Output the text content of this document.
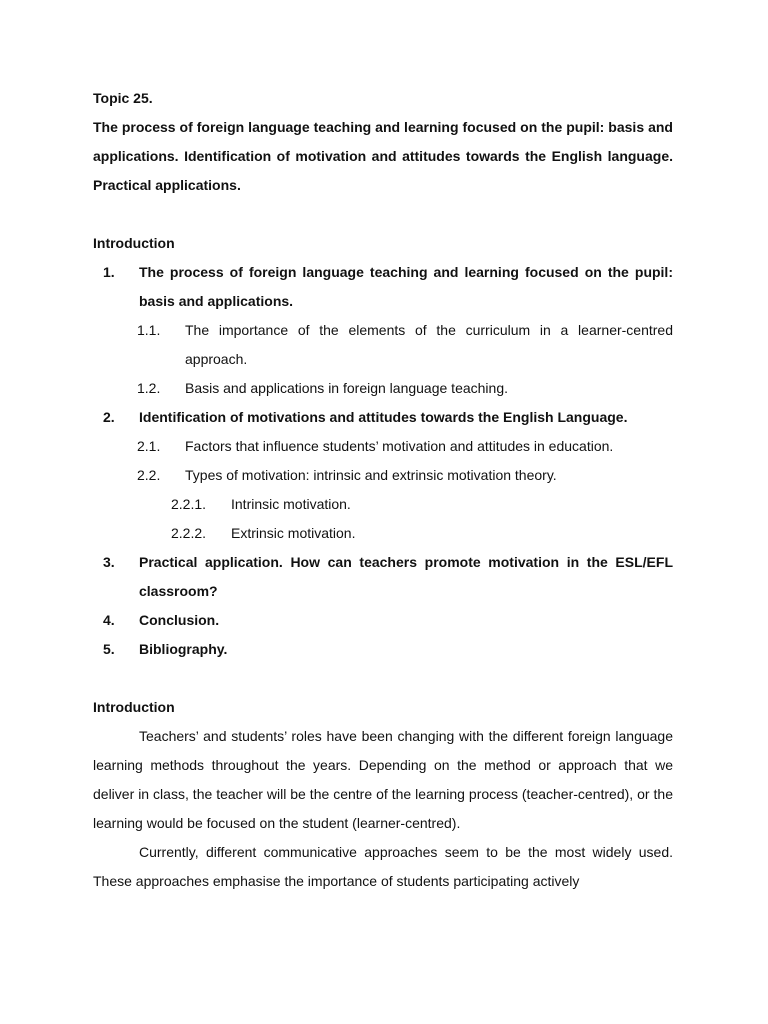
Topic 25.
The process of foreign language teaching and learning focused on the pupil: basis and applications. Identification of motivation and attitudes towards the English language. Practical applications.
Introduction
1.	The process of foreign language teaching and learning focused on the pupil: basis and applications.
1.1.	The importance of the elements of the curriculum in a learner-centred approach.
1.2.	Basis and applications in foreign language teaching.
2.	Identification of motivations and attitudes towards the English Language.
2.1.	Factors that influence students’ motivation and attitudes in education.
2.2.	Types of motivation: intrinsic and extrinsic motivation theory.
2.2.1.	Intrinsic motivation.
2.2.2.	Extrinsic motivation.
3.	Practical application. How can teachers promote motivation in the ESL/EFL classroom?
4.	Conclusion.
5.	Bibliography.
Introduction
Teachers’ and students’ roles have been changing with the different foreign language learning methods throughout the years. Depending on the method or approach that we deliver in class, the teacher will be the centre of the learning process (teacher-centred), or the learning would be focused on the student (learner-centred).
Currently, different communicative approaches seem to be the most widely used. These approaches emphasise the importance of students participating actively
